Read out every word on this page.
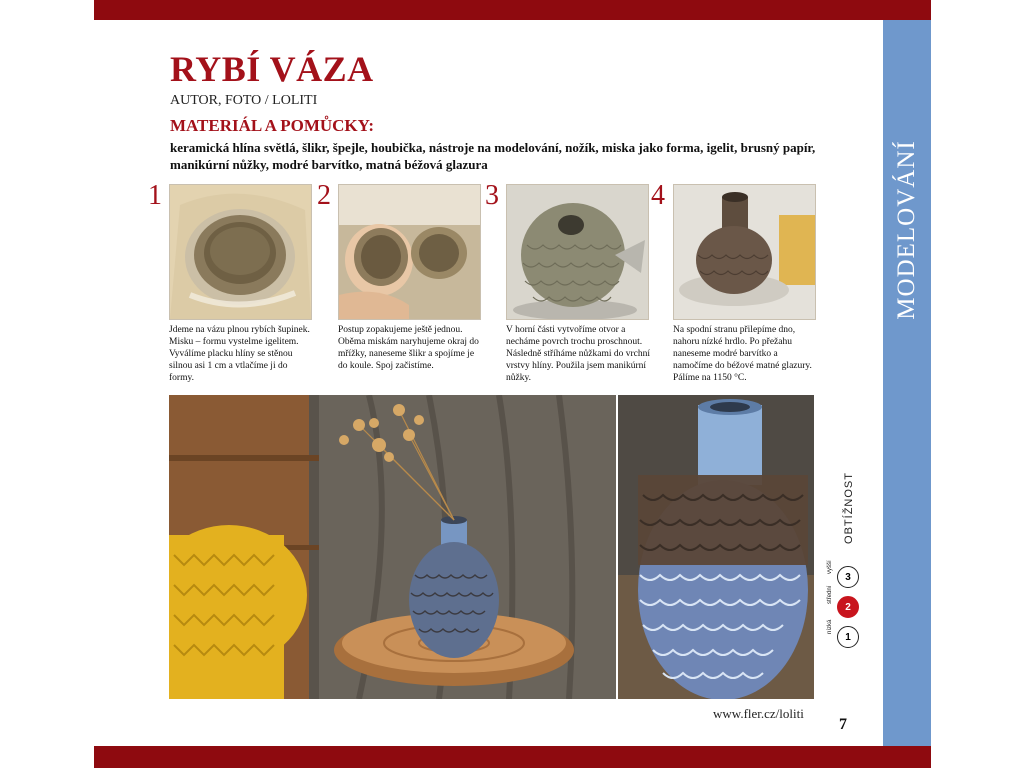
MODELOVÁNÍ
RYBÍ VÁZA
AUTOR, FOTO / LOLITI
MATERIÁL A POMŮCKY:
keramická hlína světlá, šlikr, špejle, houbička, nástroje na modelování, nožík, miska jako forma, igelit, brusný papír, manikúrní nůžky, modré barvítko, matná béžová glazura
1
Jdeme na vázu plnou rybích šupinek. Misku – formu vystelme igelitem. Vyválíme placku hlíny se stěnou silnou asi 1 cm a vtlačíme ji do formy.
2
Postup zopakujeme ještě jednou. Oběma miskám naryhujeme okraj do mřížky, naneseme šlikr a spojíme je do koule. Spoj začistíme.
3
V horní části vytvoříme otvor a necháme povrch trochu proschnout. Následně stříháme nůžkami do vrchní vrstvy hlíny. Použila jsem manikúrní nůžky.
4
Na spodní stranu přilepíme dno, nahoru nízké hrdlo. Po přežahu naneseme modré barvítko a namočíme do béžové matné glazury. Pálíme na 1150 °C.
OBTÍŽNOST
vyšší
3
střední
2
nízká
1
www.fler.cz/loliti
7
